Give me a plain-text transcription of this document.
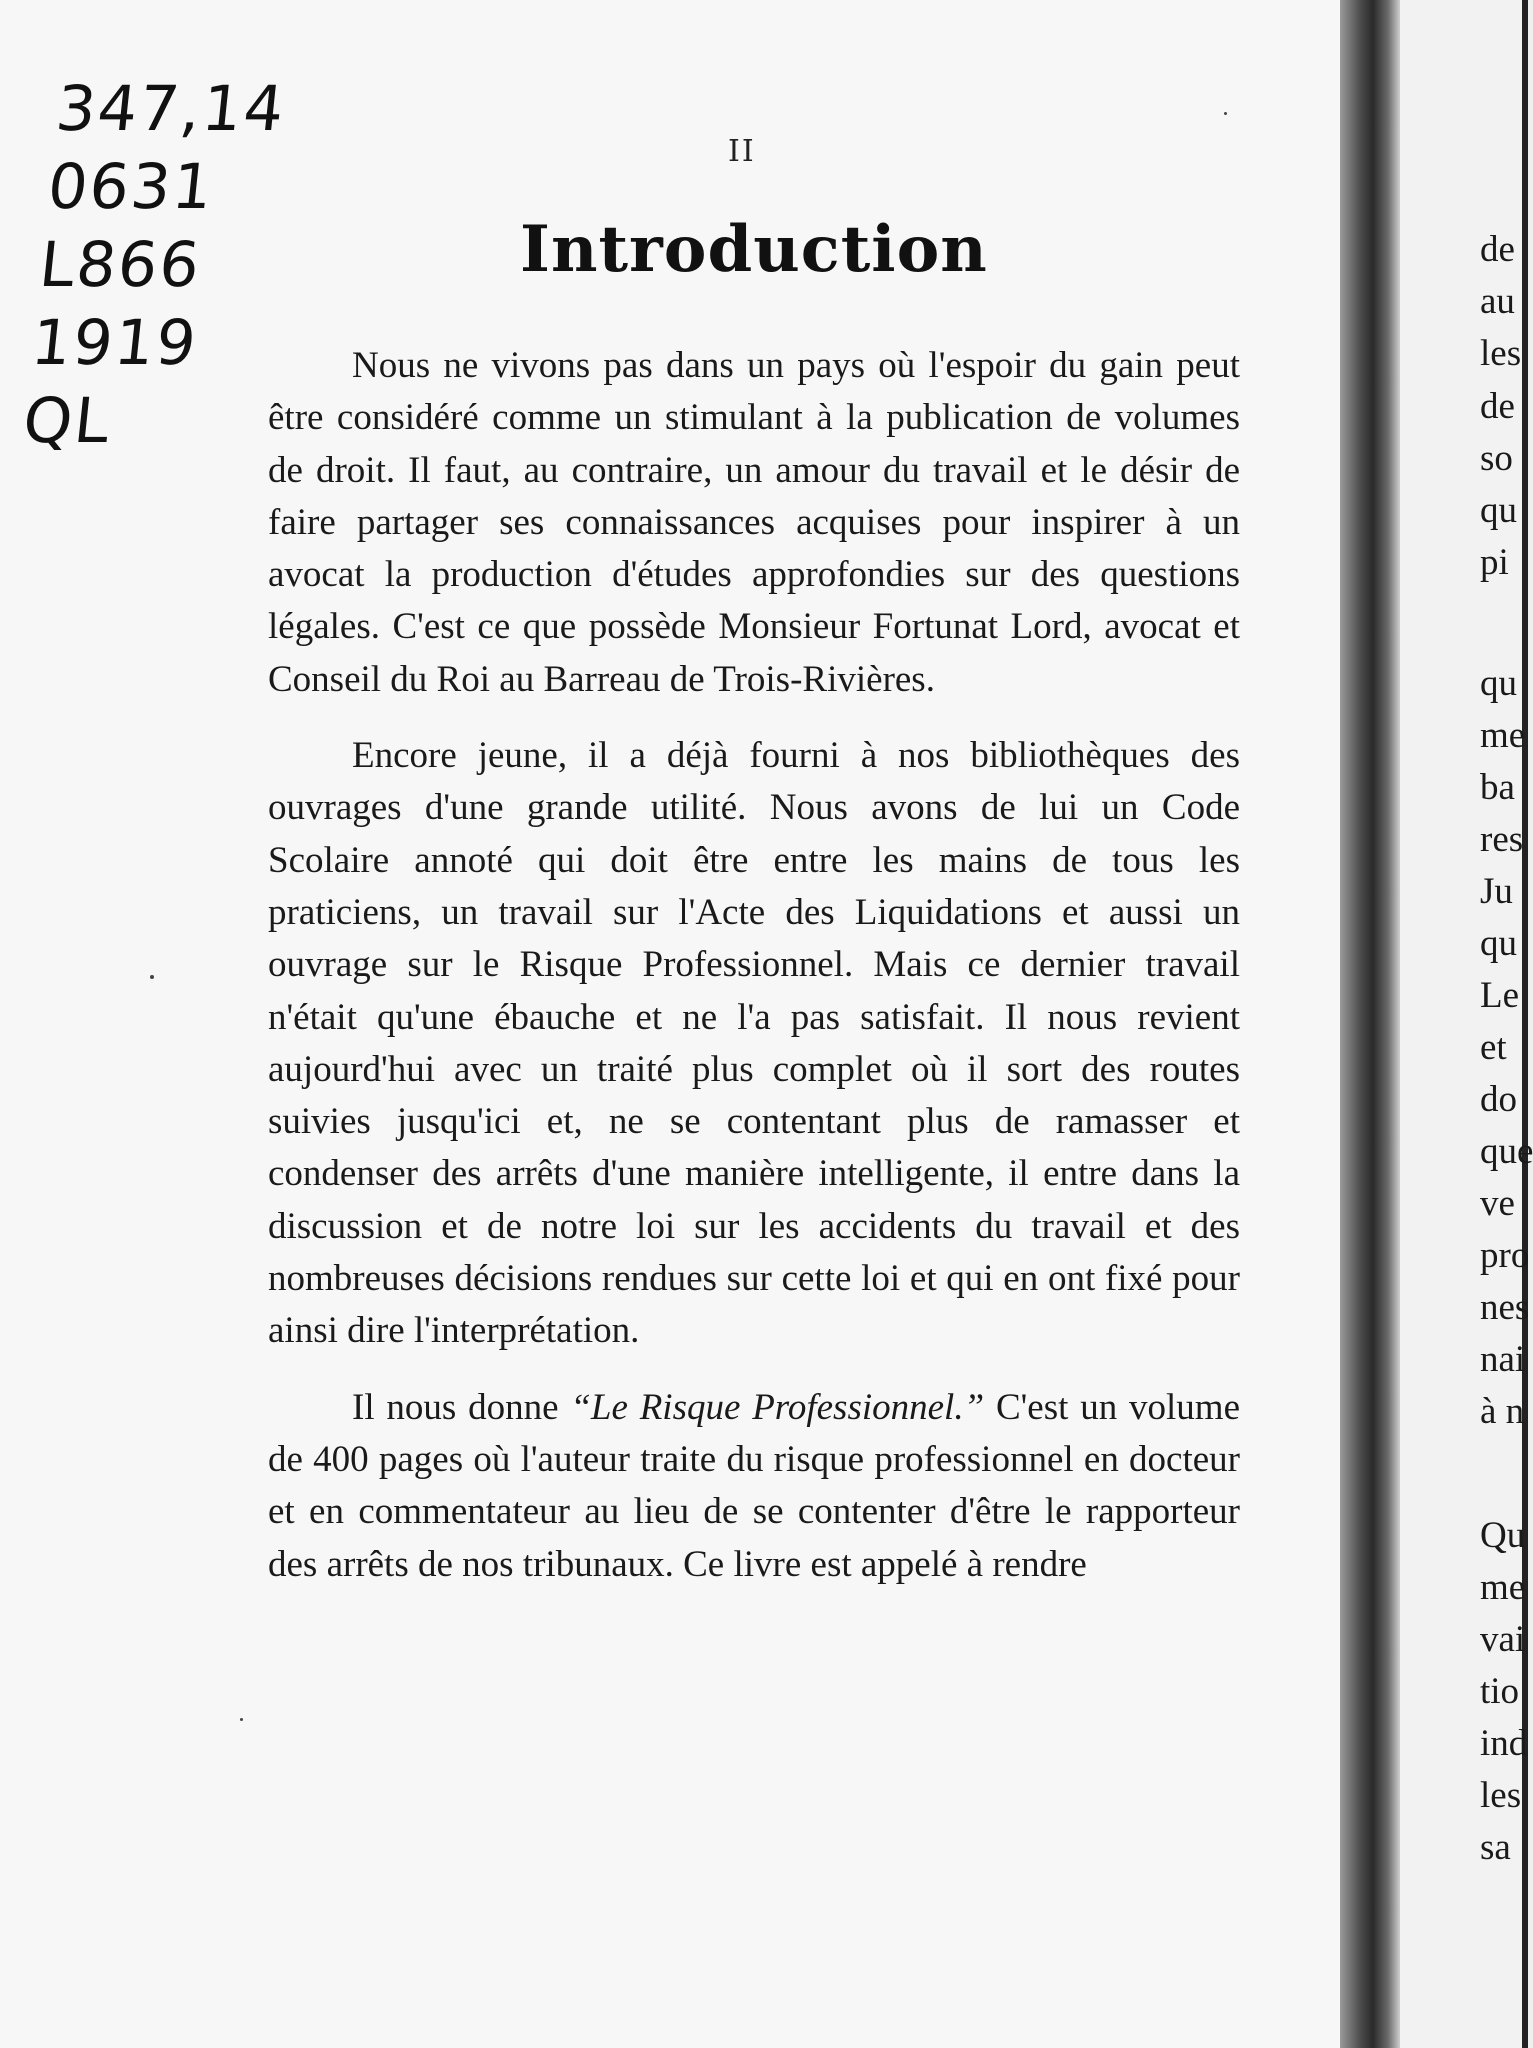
347,14
0631
L866
1919
QL
II
Introduction

Nous ne vivons pas dans un pays où l'espoir du gain peut être considéré comme un stimulant à la publication de volumes de droit. Il faut, au contraire, un amour du travail et le désir de faire partager ses connaissances acquises pour inspirer à un avocat la production d'études approfondies sur des questions légales. C'est ce que possède Monsieur Fortunat Lord, avocat et Conseil du Roi au Barreau de Trois-Rivières.

Encore jeune, il a déjà fourni à nos bibliothèques des ouvrages d'une grande utilité. Nous avons de lui un Code Scolaire annoté qui doit être entre les mains de tous les praticiens, un travail sur l'Acte des Liquidations et aussi un ouvrage sur le Risque Professionnel. Mais ce dernier travail n'était qu'une ébauche et ne l'a pas satisfait. Il nous revient aujourd'hui avec un traité plus complet où il sort des routes suivies jusqu'ici et, ne se contentant plus de ramasser et condenser des arrêts d'une manière intelligente, il entre dans la discussion et de notre loi sur les accidents du travail et des nombreuses décisions rendues sur cette loi et qui en ont fixé pour ainsi dire l'interprétation.

Il nous donne “Le Risque Professionnel.” C'est un volume de 400 pages où l'auteur traite du risque professionnel en docteur et en commentateur au lieu de se contenter d'être le rapporteur des arrêts de nos tribunaux. Ce livre est appelé à rendre

de
au
les
de
so
qu
pi
qu
me
ba
res
Ju
qu
Le
et
do
que
ve
pro
nes
nai
à n
Qu
me
vai
tio
ind
les
sa
